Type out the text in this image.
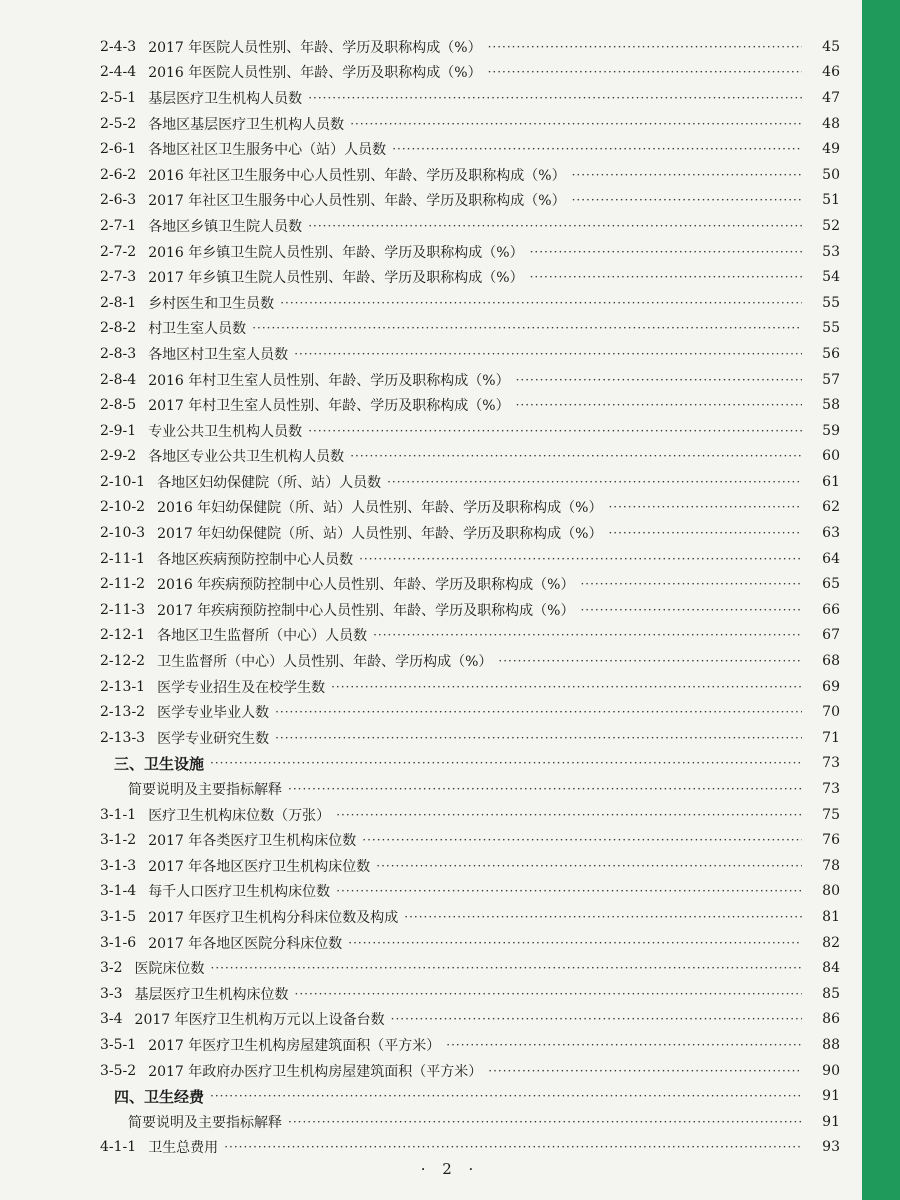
2-4-3 2017 年医院人员性别、年龄、学历及职称构成（%） ·····	45
2-4-4 2016 年医院人员性别、年龄、学历及职称构成（%） ·····	46
2-5-1 基层医疗卫生机构人员数 ·····	47
2-5-2 各地区基层医疗卫生机构人员数 ·····	48
2-6-1 各地区社区卫生服务中心（站）人员数 ·····	49
2-6-2 2016 年社区卫生服务中心人员性别、年龄、学历及职称构成（%） ·····	50
2-6-3 2017 年社区卫生服务中心人员性别、年龄、学历及职称构成（%） ·····	51
2-7-1 各地区乡镇卫生院人员数 ·····	52
2-7-2 2016 年乡镇卫生院人员性别、年龄、学历及职称构成（%） ·····	53
2-7-3 2017 年乡镇卫生院人员性别、年龄、学历及职称构成（%） ·····	54
2-8-1 乡村医生和卫生员数 ·····	55
2-8-2 村卫生室人员数 ·····	55
2-8-3 各地区村卫生室人员数 ·····	56
2-8-4 2016 年村卫生室人员性别、年龄、学历及职称构成（%） ·····	57
2-8-5 2017 年村卫生室人员性别、年龄、学历及职称构成（%） ·····	58
2-9-1 专业公共卫生机构人员数 ·····	59
2-9-2 各地区专业公共卫生机构人员数 ·····	60
2-10-1 各地区妇幼保健院（所、站）人员数 ·····	61
2-10-2 2016 年妇幼保健院（所、站）人员性别、年龄、学历及职称构成（%） ·····	62
2-10-3 2017 年妇幼保健院（所、站）人员性别、年龄、学历及职称构成（%） ·····	63
2-11-1 各地区疾病预防控制中心人员数 ·····	64
2-11-2 2016 年疾病预防控制中心人员性别、年龄、学历及职称构成（%） ·····	65
2-11-3 2017 年疾病预防控制中心人员性别、年龄、学历及职称构成（%） ·····	66
2-12-1 各地区卫生监督所（中心）人员数 ·····	67
2-12-2 卫生监督所（中心）人员性别、年龄、学历构成（%） ·····	68
2-13-1 医学专业招生及在校学生数 ·····	69
2-13-2 医学专业毕业人数 ·····	70
2-13-3 医学专业研究生数 ·····	71
三、卫生设施 ·····	73
简要说明及主要指标解释 ·····	73
3-1-1 医疗卫生机构床位数（万张） ·····	75
3-1-2 2017 年各类医疗卫生机构床位数 ·····	76
3-1-3 2017 年各地区医疗卫生机构床位数 ·····	78
3-1-4 每千人口医疗卫生机构床位数 ·····	80
3-1-5 2017 年医疗卫生机构分科床位数及构成 ·····	81
3-1-6 2017 年各地区医院分科床位数 ·····	82
3-2 医院床位数 ·····	84
3-3 基层医疗卫生机构床位数 ·····	85
3-4 2017 年医疗卫生机构万元以上设备台数 ·····	86
3-5-1 2017 年医疗卫生机构房屋建筑面积（平方米） ·····	88
3-5-2 2017 年政府办医疗卫生机构房屋建筑面积（平方米） ·····	90
四、卫生经费 ·····	91
简要说明及主要指标解释 ·····	91
4-1-1 卫生总费用 ·····	93
· 2 ·
